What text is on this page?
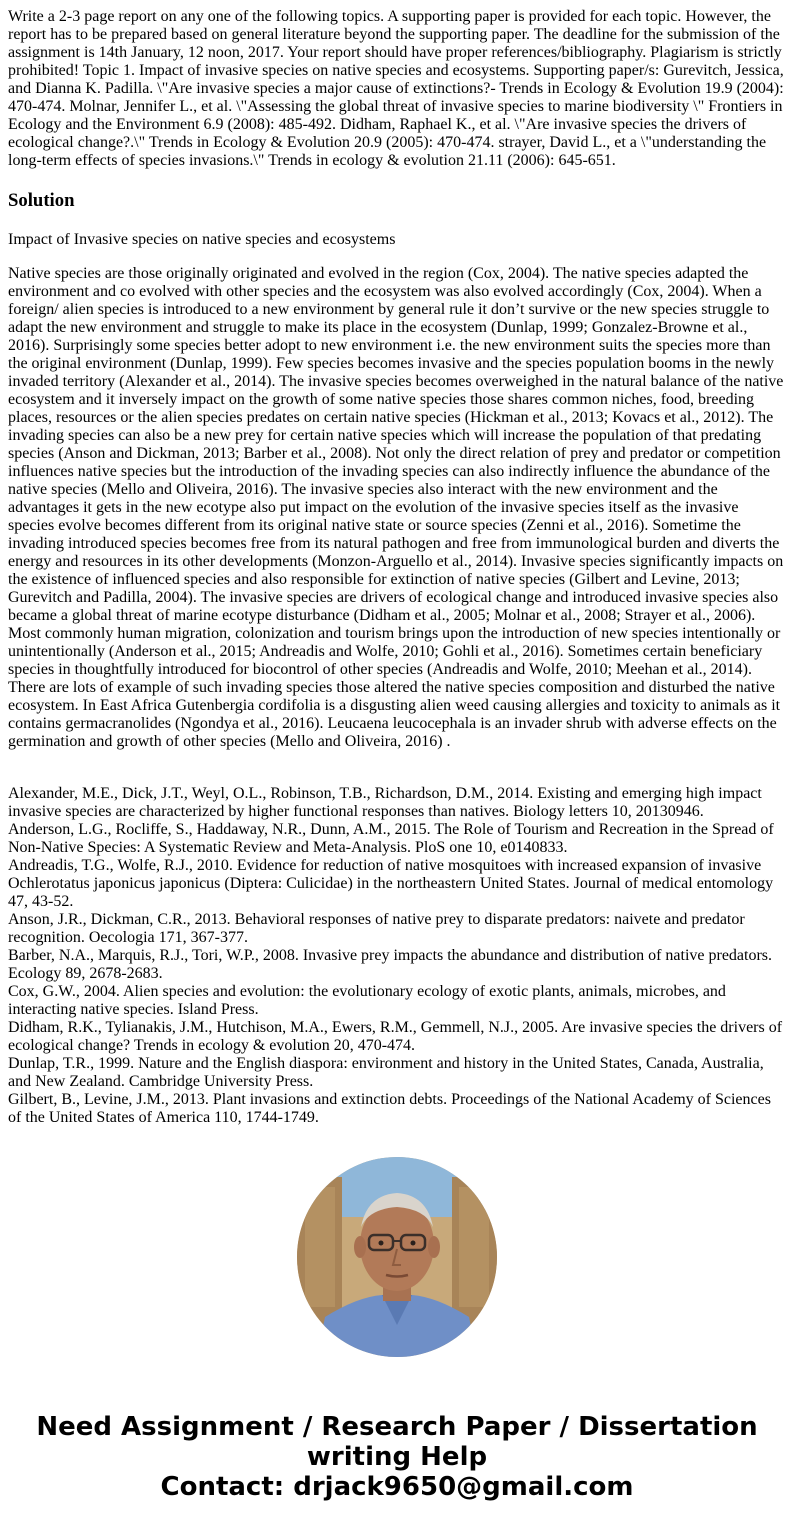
Write a 2-3 page report on any one of the following topics. A supporting paper is provided for each topic. However, the report has to be prepared based on general literature beyond the supporting paper. The deadline for the submission of the assignment is 14th January, 12 noon, 2017. Your report should have proper references/bibliography. Plagiarism is strictly prohibited! Topic 1. Impact of invasive species on native species and ecosystems. Supporting paper/s: Gurevitch, Jessica, and Dianna K. Padilla. \"Are invasive species a major cause of extinctions?- Trends in Ecology & Evolution 19.9 (2004): 470-474. Molnar, Jennifer L., et al. \"Assessing the global threat of invasive species to marine biodiversity \" Frontiers in Ecology and the Environment 6.9 (2008): 485-492. Didham, Raphael K., et al. \"Are invasive species the drivers of ecological change?.\" Trends in Ecology & Evolution 20.9 (2005): 470-474. strayer, David L., et a \"understanding the long-term effects of species invasions.\" Trends in ecology & evolution 21.11 (2006): 645-651.

Solution

Impact of Invasive species on native species and ecosystems

Native species are those originally originated and evolved in the region (Cox, 2004). The native species adapted the environment and co evolved with other species and the ecosystem was also evolved accordingly (Cox, 2004). When a foreign/ alien species is introduced to a new environment by general rule it don’t survive or the new species struggle to adapt the new environment and struggle to make its place in the ecosystem (Dunlap, 1999; Gonzalez-Browne et al., 2016). Surprisingly some species better adopt to new environment i.e. the new environment suits the species more than the original environment (Dunlap, 1999). Few species becomes invasive and the species population booms in the newly invaded territory (Alexander et al., 2014). The invasive species becomes overweighed in the natural balance of the native ecosystem and it inversely impact on the growth of some native species those shares common niches, food, breeding places, resources or the alien species predates on certain native species (Hickman et al., 2013; Kovacs et al., 2012). The invading species can also be a new prey for certain native species which will increase the population of that predating species (Anson and Dickman, 2013; Barber et al., 2008). Not only the direct relation of prey and predator or competition influences native species but the introduction of the invading species can also indirectly influence the abundance of the native species (Mello and Oliveira, 2016). The invasive species also interact with the new environment and the advantages it gets in the new ecotype also put impact on the evolution of the invasive species itself as the invasive species evolve becomes different from its original native state or source species (Zenni et al., 2016). Sometime the invading introduced species becomes free from its natural pathogen and free from immunological burden and diverts the energy and resources in its other developments (Monzon-Arguello et al., 2014). Invasive species significantly impacts on the existence of influenced species and also responsible for extinction of native species (Gilbert and Levine, 2013; Gurevitch and Padilla, 2004). The invasive species are drivers of ecological change and introduced invasive species also became a global threat of marine ecotype disturbance (Didham et al., 2005; Molnar et al., 2008; Strayer et al., 2006). Most commonly human migration, colonization and tourism brings upon the introduction of new species intentionally or unintentionally (Anderson et al., 2015; Andreadis and Wolfe, 2010; Gohli et al., 2016). Sometimes certain beneficiary species in thoughtfully introduced for biocontrol of other species (Andreadis and Wolfe, 2010; Meehan et al., 2014). There are lots of example of such invading species those altered the native species composition and disturbed the native ecosystem. In East Africa Gutenbergia cordifolia is a disgusting alien weed causing allergies and toxicity to animals as it contains germacranolides (Ngondya et al., 2016). Leucaena leucocephala is an invader shrub with adverse effects on the germination and growth of other species (Mello and Oliveira, 2016) .

Alexander, M.E., Dick, J.T., Weyl, O.L., Robinson, T.B., Richardson, D.M., 2014. Existing and emerging high impact invasive species are characterized by higher functional responses than natives. Biology letters 10, 20130946.

Anderson, L.G., Rocliffe, S., Haddaway, N.R., Dunn, A.M., 2015. The Role of Tourism and Recreation in the Spread of Non-Native Species: A Systematic Review and Meta-Analysis. PloS one 10, e0140833.

Andreadis, T.G., Wolfe, R.J., 2010. Evidence for reduction of native mosquitoes with increased expansion of invasive Ochlerotatus japonicus japonicus (Diptera: Culicidae) in the northeastern United States. Journal of medical entomology 47, 43-52.

Anson, J.R., Dickman, C.R., 2013. Behavioral responses of native prey to disparate predators: naivete and predator recognition. Oecologia 171, 367-377.

Barber, N.A., Marquis, R.J., Tori, W.P., 2008. Invasive prey impacts the abundance and distribution of native predators. Ecology 89, 2678-2683.

Cox, G.W., 2004. Alien species and evolution: the evolutionary ecology of exotic plants, animals, microbes, and interacting native species. Island Press.

Didham, R.K., Tylianakis, J.M., Hutchison, M.A., Ewers, R.M., Gemmell, N.J., 2005. Are invasive species the drivers of ecological change? Trends in ecology & evolution 20, 470-474.

Dunlap, T.R., 1999. Nature and the English diaspora: environment and history in the United States, Canada, Australia, and New Zealand. Cambridge University Press.

Gilbert, B., Levine, J.M., 2013. Plant invasions and extinction debts. Proceedings of the National Academy of Sciences of the United States of America 110, 1744-1749.

Need Assignment / Research Paper / Dissertation
writing Help
Contact: drjack9650@gmail.com
